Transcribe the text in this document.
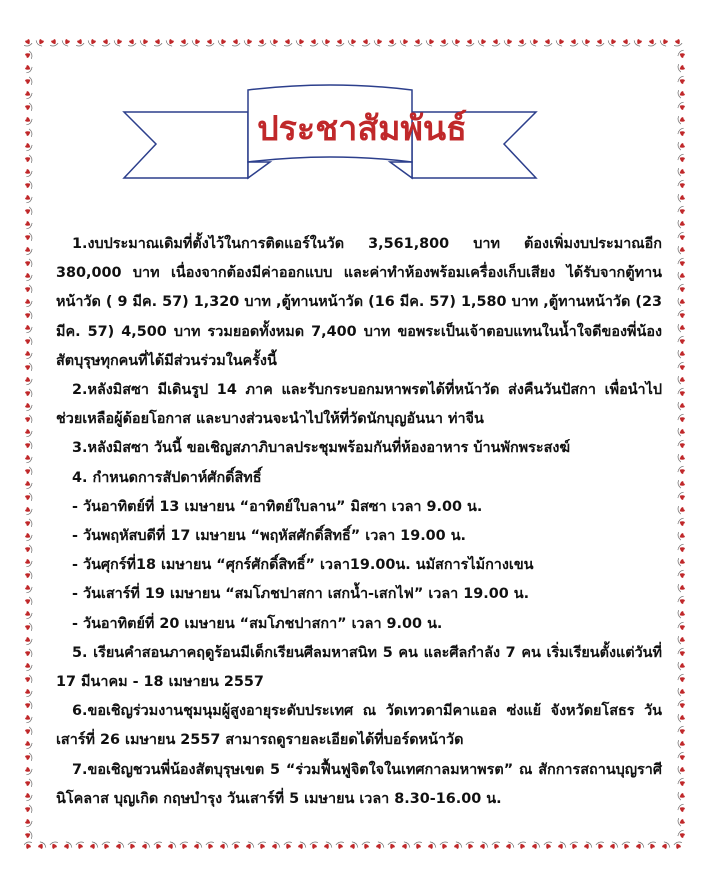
ประชาสัมพันธ์

1.งบประมาณเดิมที่ตั้งไว้ในการติดแอร์ในวัด 3,561,800 บาท ต้องเพิ่มงบประมาณอีก 380,000 บาท เนื่องจากต้องมีค่าออกแบบ และค่าทำห้องพร้อมเครื่องเก็บเสียง ได้รับจากตู้ทานหน้าวัด ( 9 มีค. 57) 1,320 บาท ,ตู้ทานหน้าวัด (16 มีค. 57) 1,580 บาท ,ตู้ทานหน้าวัด (23 มีค. 57) 4,500 บาท รวมยอดทั้งหมด 7,400 บาท ขอพระเป็นเจ้าตอบแทนในน้ำใจดีของพี่น้องสัตบุรุษทุกคนที่ได้มีส่วนร่วมในครั้งนี้

2.หลังมิสซา มีเดินรูป 14 ภาค และรับกระบอกมหาพรตได้ที่หน้าวัด ส่งคืนวันปัสกา เพื่อนำไปช่วยเหลือผู้ด้อยโอกาส และบางส่วนจะนำไปให้ที่วัดนักบุญอันนา ท่าจีน

3.หลังมิสซา วันนี้ ขอเชิญสภาภิบาลประชุมพร้อมกันที่ห้องอาหาร บ้านพักพระสงฆ์

4. กำหนดการสัปดาห์ศักดิ์สิทธิ์

- วันอาทิตย์ที่ 13 เมษายน “อาทิตย์ใบลาน” มิสซา เวลา 9.00 น.

- วันพฤหัสบดีที่ 17 เมษายน “พฤหัสศักดิ์สิทธิ์” เวลา 19.00 น.

- วันศุกร์ที่18 เมษายน “ศุกร์ศักดิ์สิทธิ์” เวลา19.00น. นมัสการไม้กางเขน

- วันเสาร์ที่ 19 เมษายน “สมโภชปาสกา เสกน้ำ-เสกไฟ” เวลา 19.00 น.

- วันอาทิตย์ที่ 20 เมษายน “สมโภชปาสกา” เวลา 9.00 น.

5. เรียนคำสอนภาคฤดูร้อนมีเด็กเรียนศีลมหาสนิท 5 คน และศีลกำลัง 7 คน เริ่มเรียนตั้งแต่วันที่ 17 มีนาคม - 18 เมษายน 2557

6.ขอเชิญร่วมงานชุมนุมผู้สูงอายุระดับประเทศ ณ วัดเทวดามีคาแอล ซ่งแย้ จังหวัดยโสธร วันเสาร์ที่ 26 เมษายน 2557 สามารถดูรายละเอียดได้ที่บอร์ดหน้าวัด

7.ขอเชิญชวนพี่น้องสัตบุรุษเขต 5 “ร่วมฟื้นฟูจิตใจในเทศกาลมหาพรต” ณ สักการสถานบุญราศีนิโคลาส บุญเกิด กฤษบำรุง วันเสาร์ที่ 5 เมษายน เวลา 8.30-16.00 น.
